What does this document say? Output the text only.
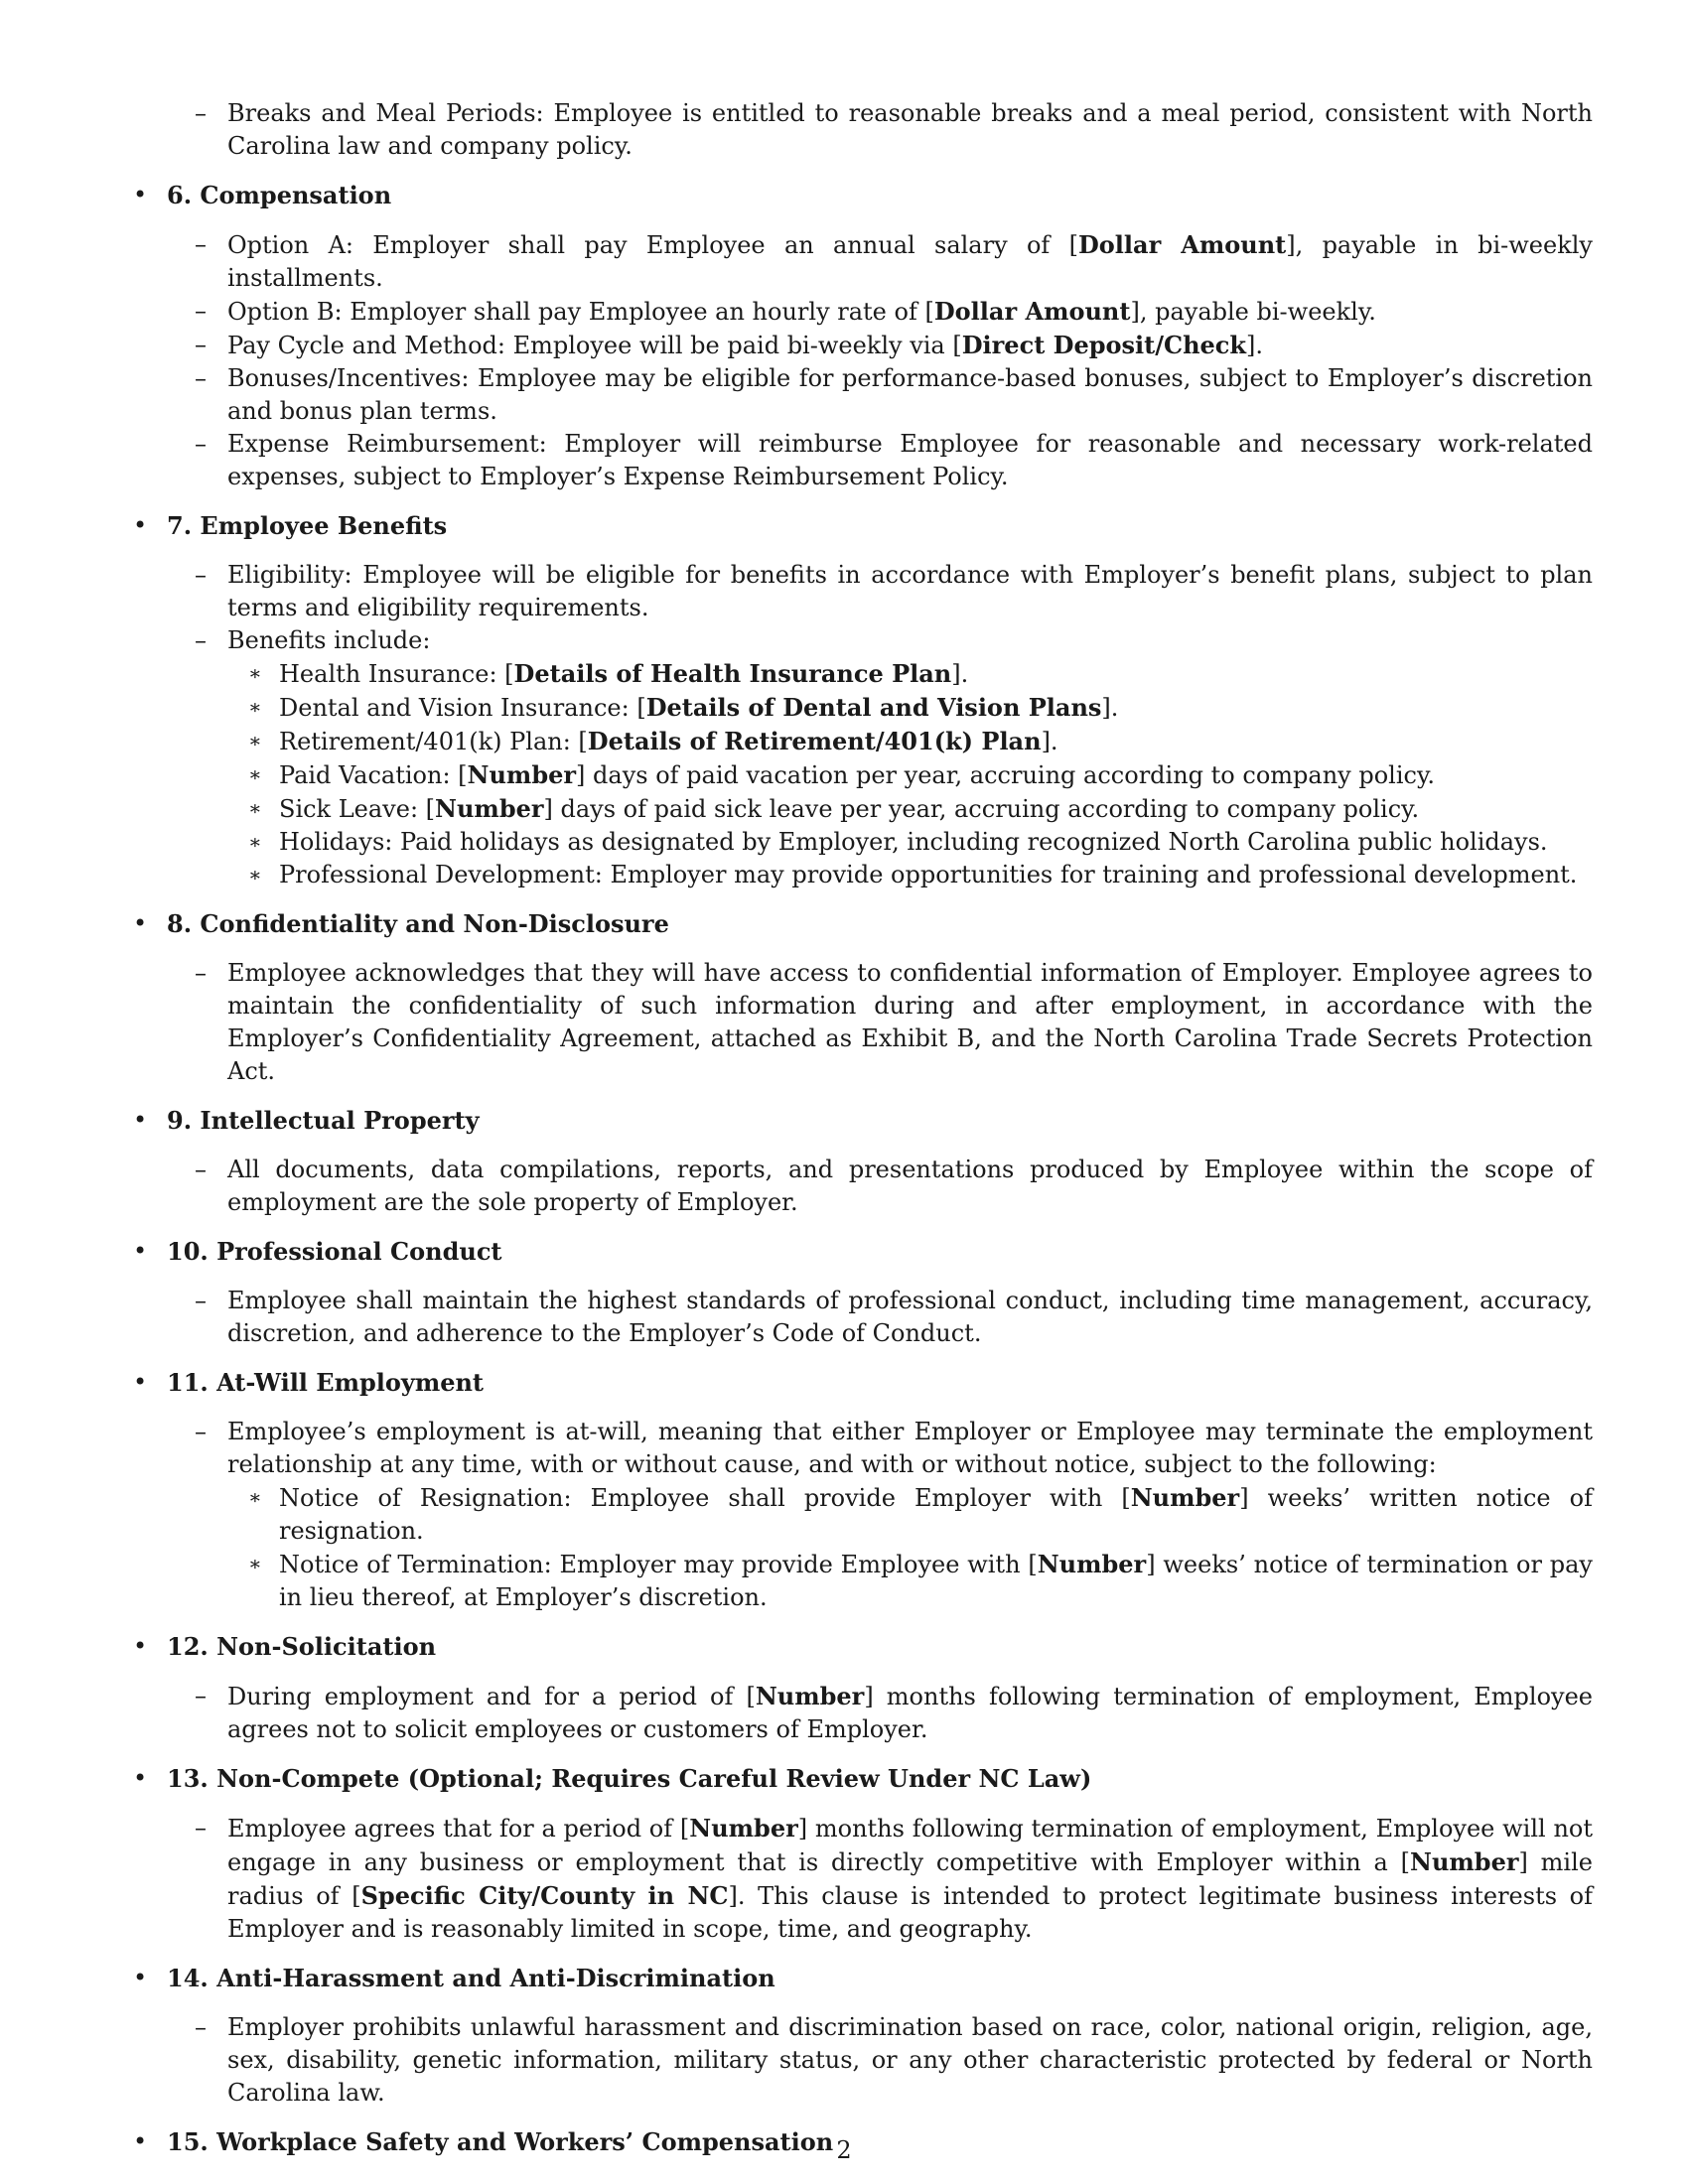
– Breaks and Meal Periods: Employee is entitled to reasonable breaks and a meal period, consistent with North Carolina law and company policy.
• 6. Compensation
– Option A: Employer shall pay Employee an annual salary of [Dollar Amount], payable in bi-weekly installments.
– Option B: Employer shall pay Employee an hourly rate of [Dollar Amount], payable bi-weekly.
– Pay Cycle and Method: Employee will be paid bi-weekly via [Direct Deposit/Check].
– Bonuses/Incentives: Employee may be eligible for performance-based bonuses, subject to Employer’s discretion and bonus plan terms.
– Expense Reimbursement: Employer will reimburse Employee for reasonable and necessary work-related expenses, subject to Employer’s Expense Reimbursement Policy.
• 7. Employee Benefits
– Eligibility: Employee will be eligible for benefits in accordance with Employer’s benefit plans, subject to plan terms and eligibility requirements.
– Benefits include:
∗ Health Insurance: [Details of Health Insurance Plan].
∗ Dental and Vision Insurance: [Details of Dental and Vision Plans].
∗ Retirement/401(k) Plan: [Details of Retirement/401(k) Plan].
∗ Paid Vacation: [Number] days of paid vacation per year, accruing according to company policy.
∗ Sick Leave: [Number] days of paid sick leave per year, accruing according to company policy.
∗ Holidays: Paid holidays as designated by Employer, including recognized North Carolina public holidays.
∗ Professional Development: Employer may provide opportunities for training and professional development.
• 8. Confidentiality and Non-Disclosure
– Employee acknowledges that they will have access to confidential information of Employer. Employee agrees to maintain the confidentiality of such information during and after employment, in accordance with the Employer’s Confidentiality Agreement, attached as Exhibit B, and the North Carolina Trade Secrets Protection Act.
• 9. Intellectual Property
– All documents, data compilations, reports, and presentations produced by Employee within the scope of employment are the sole property of Employer.
• 10. Professional Conduct
– Employee shall maintain the highest standards of professional conduct, including time management, accuracy, discretion, and adherence to the Employer’s Code of Conduct.
• 11. At-Will Employment
– Employee’s employment is at-will, meaning that either Employer or Employee may terminate the employment relationship at any time, with or without cause, and with or without notice, subject to the following:
∗ Notice of Resignation: Employee shall provide Employer with [Number] weeks’ written notice of resignation.
∗ Notice of Termination: Employer may provide Employee with [Number] weeks’ notice of termination or pay in lieu thereof, at Employer’s discretion.
• 12. Non-Solicitation
– During employment and for a period of [Number] months following termination of employment, Employee agrees not to solicit employees or customers of Employer.
• 13. Non-Compete (Optional; Requires Careful Review Under NC Law)
– Employee agrees that for a period of [Number] months following termination of employment, Employee will not engage in any business or employment that is directly competitive with Employer within a [Number] mile radius of [Specific City/County in NC]. This clause is intended to protect legitimate business interests of Employer and is reasonably limited in scope, time, and geography.
• 14. Anti-Harassment and Anti-Discrimination
– Employer prohibits unlawful harassment and discrimination based on race, color, national origin, religion, age, sex, disability, genetic information, military status, or any other characteristic protected by federal or North Carolina law.
• 15. Workplace Safety and Workers’ Compensation 2
